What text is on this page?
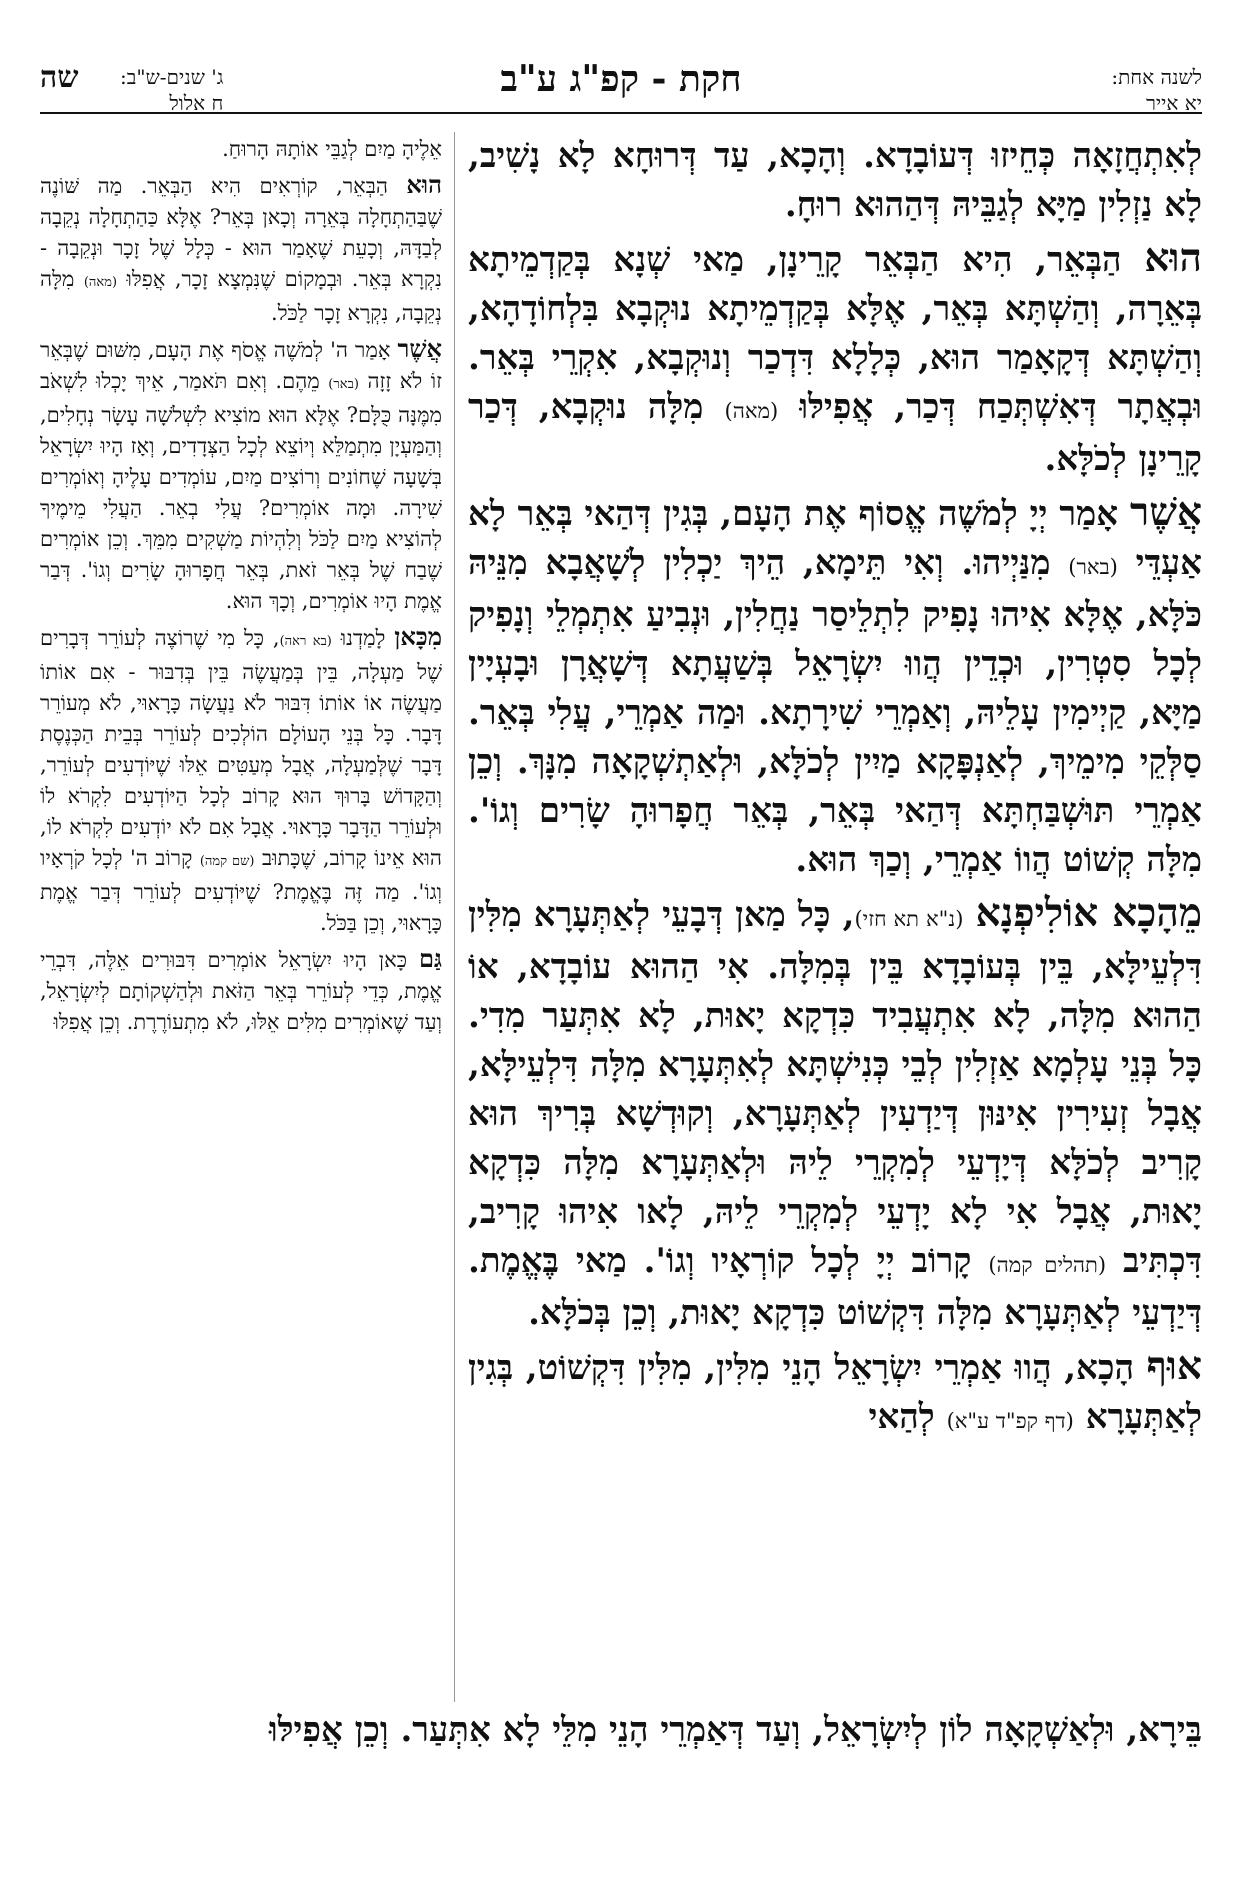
לשנה אחת:
יא אייר
חקת - קפ"ג ע"ב
ג' שנים-ש"ב:
ח אלול
שה

לְאִתְחֲזָאָה כְּחֵיזוּ דְּעוֹבָדָא. וְהָכָא, עַד דְּרוּחָא לָא נָשִׁיב, לָא נַזְלִין מַיָּא לְגַבֵּיהּ דְּהַהוּא רוּחָ.

הוּא הַבְּאֵר, הִיא הַבְּאֵר קָרֵינָן, מַאי שְׁנָא בְּקַדְמֵיתָא בְּאֵרָה, וְהַשְׁתָּא בְּאֵר, אֶלָּא בְּקַדְמֵיתָא נוּקְבָא בִּלְחוֹדָהָא, וְהַשְׁתָּא דְּקָאָמַר הוּא, כְּלָלָא דִּדְכַר וְנוּקְבָא, אִקְרֵי בְּאֵר. וּבְאֲתָר דְּאִשְׁתְּכַח דְּכַר, אֲפִילּוּ (מאה) מִלָּה נוּקְבָא, דְּכַר קָרֵינָן לְכֹלָּא.

אֲשֶׁר אָמַר יְיָ לְמֹשֶׁה אֱסוֹף אֶת הָעָם, בְּגִין דְּהַאי בְּאֵר לָא אַעְדֵּי (באר) מִנַּיְיהוּ. וְאִי תֵּימָא, הֵיךְ יַכְלִין לְשָׁאֲבָא מִנֵּיהּ כֹּלָּא, אֶלָּא אִיהוּ נָפִיק לִתְלֵיסַר נַחֲלִין, וּנְבִיעַ אִתְמְלֵי וְנָפִיק לְכָל סִטְרִין, וּכְדֵין הֲווּ יִשְׂרָאֵל בְּשַׁעֲתָא דְּשָׁאֲרָן וּבָעְיָין מַיָּא, קַיְימִין עָלֵיהּ, וְאַמְרֵי שִׁירָתָא. וּמַה אַמְרֵי, עֲלִי בְּאֵר. סַלְּקֵי מִימֵיךְ, לְאַנְפָּקָא מַיִין לְכֹלָּא, וּלְאַתְשְׁקָאָה מִנָּךְ. וְכֵן אַמְרֵי תּוּשְׁבַּחְתָּא דְּהַאי בְּאֵר, בְּאֵר חֲפָרוּהָ שָׂרִים וְגוֹ'. מִלָּה קְשׁוֹט הֲווֹ אַמְרֵי, וְכַךְ הוּא.

מֵהָכָא אוֹלִיפְנָא (נ"א תא חזי), כָּל מַאן דְּבָעֵי לְאַתְּעָרָא מִלִּין דִּלְעֵילָּא, בֵּין בְּעוֹבָדָא בֵּין בְּמִלָּה. אִי הַהוּא עוֹבָדָא, אוֹ הַהוּא מִלָּה, לָא אִתְעֲבִיד כִּדְקָא יָאוּת, לָא אִתְּעַר מִדִי. כָּל בְּנֵי עָלְמָא אַזְלִין לְבֵי כְּנִישְׁתָּא לְאִתְּעָרָא מִלָּה דִּלְעֵילָּא, אֲבָל זְעִירִין אִינּוּן דְּיַדְעִין לְאַתְּעָרָא, וְקוּדְשָׁא בְּרִיךְ הוּא קָרִיב לְכֹלָּא דְּיָדְעֵי לְמִקְרֵי לֵיהּ וּלְאַתְּעָרָא מִלָּה כִּדְקָא יָאוּת, אֲבָל אִי לָא יָדְעֵי לְמִקְרֵי לֵיהּ, לָאו אִיהוּ קָרִיב, דִּכְתִּיב (תהלים קמה) קָרוֹב יְיָ לְכָל קוֹרְאָיו וְגוֹ'. מַאי בֶּאֱמֶת. דְּיַדְעֵי לְאַתְּעָרָא מִלָּה דִּקְשׁוֹט כִּדְקָא יָאוּת, וְכֵן בְּכֹלָּא.

אוּף הָכָא, הֲווּ אַמְרֵי יִשְׂרָאֵל הָנֵי מִלִּין, מִלִּין דִּקְשׁוֹט, בְּגִין לְאַתְּעָרָא (דף קפ"ד ע"א) לְהַאי

אֵלֶיהָ מַיִם לְגַבֵּי אוֹתָהּ הָרוּחַ.

הוּא הַבְּאֵר, קוֹרְאִים הִיא הַבְּאֵר. מַה שּׁוֹנֶה שֶׁבַּהַתְחָלָה בְּאֵרָה וְכָאן בְּאֵר? אֶלָּא כַּהַתְחָלָה נְקֵבָה לְבַדָּהּ, וְכָעֵת שֶׁאָמַר הוּא - כְּלָל שֶׁל זָכָר וּנְקֵבָה - נִקְרָא בְּאֵר. וּבְמָקוֹם שֶׁנִּמְצָא זָכָר, אֲפִלּוּ (מאה) מִלָּה נְקֵבָה, נִקְרָא זָכָר לַכֹּל.

אֲשֶׁר אָמַר ה' לְמֹשֶׁה אֱסֹף אֶת הָעָם, מִשּׁוּם שֶׁבְּאֵר זוֹ לֹא זָזָה (באר) מֵהֶם. וְאִם תֹּאמַר, אֵיךְ יָכְלוּ לִשְׁאֹב מִמֶּנָּה כֻּלָּם? אֶלָּא הוּא מוֹצִיא לִשְׁלֹשָׁה עָשָׂר נְחָלִים, וְהַמַּעְיָן מִתְמַלֵּא וְיוֹצֵא לְכָל הַצְּדָדִים, וְאָז הָיוּ יִשְׂרָאֵל בְּשָׁעָה שֶׁחוֹנִים וְרוֹצִים מַיִם, עוֹמְדִים עָלֶיהָ וְאוֹמְרִים שִׁירָה. וּמָה אוֹמְרִים? עֲלִי בְאֵר. הַעֲלִי מֵימֶיךָ לְהוֹצִיא מַיִם לַכֹּל וְלִהְיוֹת מַשְׁקִים מִמֵּךְ. וְכֵן אוֹמְרִים שֶׁבַח שֶׁל בְּאֵר זֹאת, בְּאֵר חֲפָרוּהָ שָׂרִים וְגוֹ'. דְּבַר אֱמֶת הָיוּ אוֹמְרִים, וְכָךְ הוּא.

מִכָּאן לָמַדְנוּ (בא ראה), כָּל מִי שֶׁרוֹצֶה לְעוֹרֵר דְּבָרִים שֶׁל מַעְלָה, בֵּין בְּמַעֲשֶׂה בֵּין בְּדִבּוּר - אִם אוֹתוֹ מַעֲשֶׂה אוֹ אוֹתוֹ דִּבּוּר לֹא נַעֲשָׂה כָּרָאוּי, לֹא מְעוֹרֵר דָּבָר. כָּל בְּנֵי הָעוֹלָם הוֹלְכִים לְעוֹרֵר בְּבֵית הַכְּנֶסֶת דָּבָר שֶׁלְּמַעְלָה, אֲבָל מְעַטִּים אֵלּוּ שֶׁיּוֹדְעִים לְעוֹרֵר, וְהַקָּדוֹשׁ בָּרוּךְ הוּא קָרוֹב לְכָל הַיּוֹדְעִים לִקְרֹא לוֹ וּלְעוֹרֵר הַדָּבָר כָּרָאוּי. אֲבָל אִם לֹא יוֹדְעִים לִקְרֹא לוֹ, הוּא אֵינוֹ קָרוֹב, שֶׁכָּתוּב (שם קמה) קָרוֹב ה' לְכָל קֹרְאָיו וְגוֹ'. מַה זֶּה בֶּאֱמֶת? שֶׁיּוֹדְעִים לְעוֹרֵר דְּבַר אֱמֶת כָּרָאוּי, וְכֵן בַּכֹּל.

גַּם כָּאן הָיוּ יִשְׂרָאֵל אוֹמְרִים דִּבּוּרִים אֵלֶּה, דִּבְרֵי אֱמֶת, כְּדֵי לְעוֹרֵר בְּאֵר הַזֹּאת וּלְהַשְׁקוֹתָם לְיִשְׂרָאֵל, וְעַד שֶׁאוֹמְרִים מִלִּים אֵלּוּ, לֹא מִתְעוֹרֶרֶת. וְכֵן אֲפִלּוּ

בֵּירָא, וּלְאַשְׁקָאָה לוֹן לְיִשְׂרָאֵל, וְעַד דְּאַמְרֵי הָנֵי מִלֵּי לָא אִתְּעַר. וְכֵן אֲפִילּוּ
